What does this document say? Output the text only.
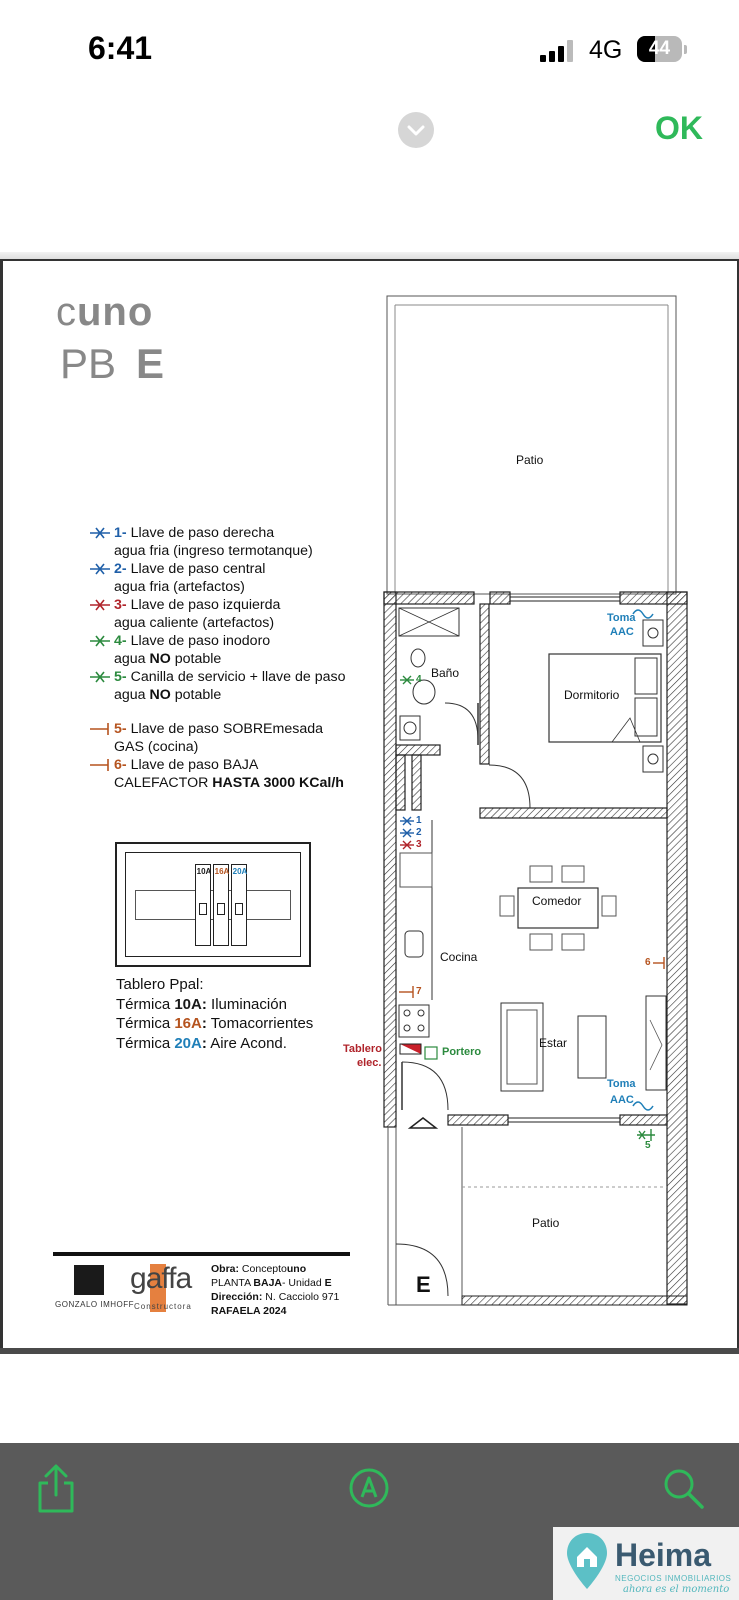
6:41	4G	44
OK
cuno
PB E
1- Llave de paso derecha
agua fria (ingreso termotanque)
2- Llave de paso central
agua fria (artefactos)
3- Llave de paso izquierda
agua caliente (artefactos)
4- Llave de paso inodoro
agua NO potable
5- Canilla de servicio + llave de paso
agua NO potable
5- Llave de paso SOBREmesada
GAS (cocina)
6- Llave de paso BAJA
CALEFACTOR HASTA 3000 KCal/h
10A 16A 20A
Tablero Ppal:
Térmica 10A: Iluminación
Térmica 16A: Tomacorrientes
Térmica 20A: Aire Acond.
Patio
Baño
Dormitorio
Comedor
Cocina
Estar
Patio
Toma
AAC
Toma
AAC
Tablero
elec.
Portero
1
2
3
4
5
6
7
E
GONZALO IMHOFF
gaffa
Constructora
Obra: Conceptouno
PLANTA BAJA- Unidad E
Dirección: N. Cacciolo 971
RAFAELA 2024
Heima
NEGOCIOS INMOBILIARIOS
ahora es el momento
